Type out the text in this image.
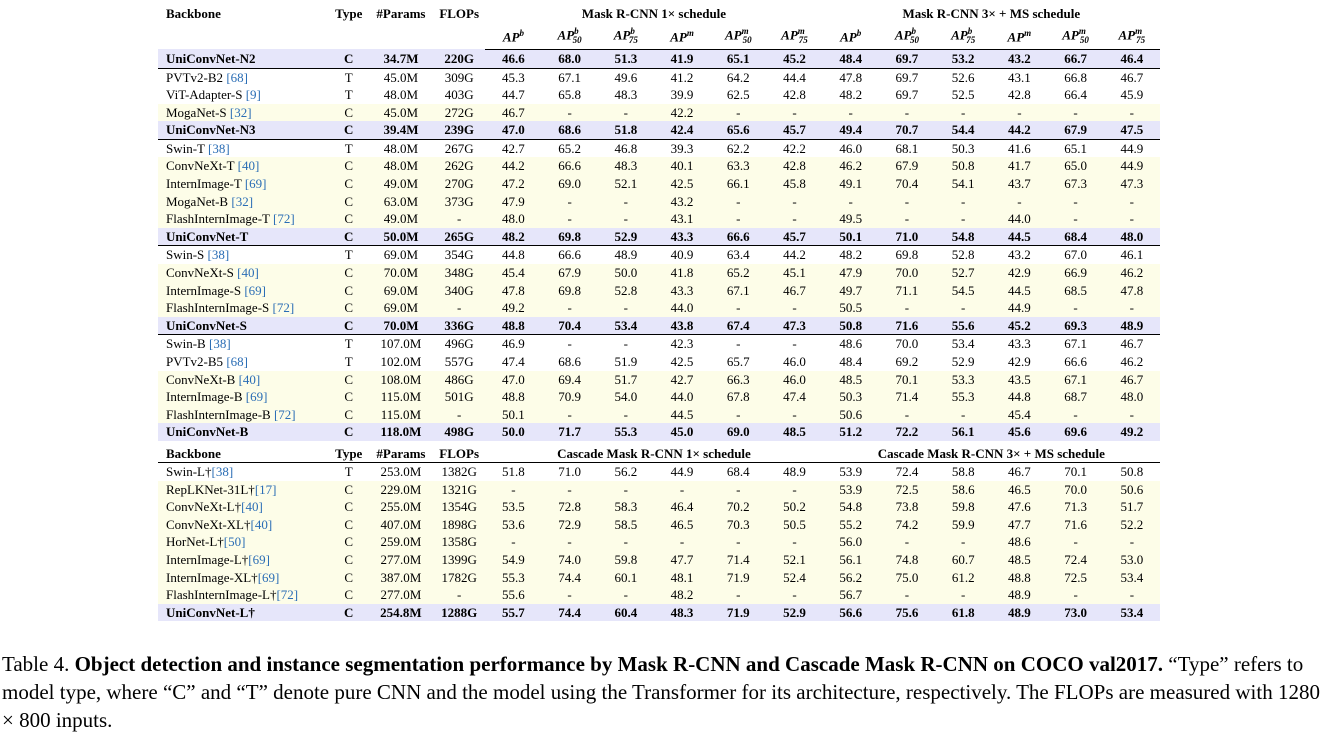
Backbone	Type	#Params	FLOPs	Mask R-CNN 1× schedule						Mask R-CNN 3× + MS schedule					
				$AP^b$	$AP^b_{50}$	$AP^b_{75}$	$AP^m$	$AP^m_{50}$	$AP^m_{75}$	$AP^b$	$AP^b_{50}$	$AP^b_{75}$	$AP^m$	$AP^m_{50}$	$AP^m_{75}$
UniConvNet-N2	C	34.7M	220G	46.6	68.0	51.3	41.9	65.1	45.2	48.4	69.7	53.2	43.2	66.7	46.4
PVTv2-B2 [68]	T	45.0M	309G	45.3	67.1	49.6	41.2	64.2	44.4	47.8	69.7	52.6	43.1	66.8	46.7
ViT-Adapter-S [9]	T	48.0M	403G	44.7	65.8	48.3	39.9	62.5	42.8	48.2	69.7	52.5	42.8	66.4	45.9
MogaNet-S [32]	C	45.0M	272G	46.7	-	-	42.2	-	-	-	-	-	-	-	-
UniConvNet-N3	C	39.4M	239G	47.0	68.6	51.8	42.4	65.6	45.7	49.4	70.7	54.4	44.2	67.9	47.5
Swin-T [38]	T	48.0M	267G	42.7	65.2	46.8	39.3	62.2	42.2	46.0	68.1	50.3	41.6	65.1	44.9
ConvNeXt-T [40]	C	48.0M	262G	44.2	66.6	48.3	40.1	63.3	42.8	46.2	67.9	50.8	41.7	65.0	44.9
InternImage-T [69]	C	49.0M	270G	47.2	69.0	52.1	42.5	66.1	45.8	49.1	70.4	54.1	43.7	67.3	47.3
MogaNet-B [32]	C	63.0M	373G	47.9	-	-	43.2	-	-	-	-	-	-	-	-
FlashInternImage-T [72]	C	49.0M	-	48.0	-	-	43.1	-	-	49.5	-	-	44.0	-	-
UniConvNet-T	C	50.0M	265G	48.2	69.8	52.9	43.3	66.6	45.7	50.1	71.0	54.8	44.5	68.4	48.0
Swin-S [38]	T	69.0M	354G	44.8	66.6	48.9	40.9	63.4	44.2	48.2	69.8	52.8	43.2	67.0	46.1
ConvNeXt-S [40]	C	70.0M	348G	45.4	67.9	50.0	41.8	65.2	45.1	47.9	70.0	52.7	42.9	66.9	46.2
InternImage-S [69]	C	69.0M	340G	47.8	69.8	52.8	43.3	67.1	46.7	49.7	71.1	54.5	44.5	68.5	47.8
FlashInternImage-S [72]	C	69.0M	-	49.2	-	-	44.0	-	-	50.5	-	-	44.9	-	-
UniConvNet-S	C	70.0M	336G	48.8	70.4	53.4	43.8	67.4	47.3	50.8	71.6	55.6	45.2	69.3	48.9
Swin-B [38]	T	107.0M	496G	46.9	-	-	42.3	-	-	48.6	70.0	53.4	43.3	67.1	46.7
PVTv2-B5 [68]	T	102.0M	557G	47.4	68.6	51.9	42.5	65.7	46.0	48.4	69.2	52.9	42.9	66.6	46.2
ConvNeXt-B [40]	C	108.0M	486G	47.0	69.4	51.7	42.7	66.3	46.0	48.5	70.1	53.3	43.5	67.1	46.7
InternImage-B [69]	C	115.0M	501G	48.8	70.9	54.0	44.0	67.8	47.4	50.3	71.4	55.3	44.8	68.7	48.0
FlashInternImage-B [72]	C	115.0M	-	50.1	-	-	44.5	-	-	50.6	-	-	45.4	-	-
UniConvNet-B	C	118.0M	498G	50.0	71.7	55.3	45.0	69.0	48.5	51.2	72.2	56.1	45.6	69.6	49.2
Backbone	Type	#Params	FLOPs	Cascade Mask R-CNN 1× schedule						Cascade Mask R-CNN 3× + MS schedule					
Swin-L†[38]	T	253.0M	1382G	51.8	71.0	56.2	44.9	68.4	48.9	53.9	72.4	58.8	46.7	70.1	50.8
RepLKNet-31L†[17]	C	229.0M	1321G	-	-	-	-	-	-	53.9	72.5	58.6	46.5	70.0	50.6
ConvNeXt-L†[40]	C	255.0M	1354G	53.5	72.8	58.3	46.4	70.2	50.2	54.8	73.8	59.8	47.6	71.3	51.7
ConvNeXt-XL†[40]	C	407.0M	1898G	53.6	72.9	58.5	46.5	70.3	50.5	55.2	74.2	59.9	47.7	71.6	52.2
HorNet-L†[50]	C	259.0M	1358G	-	-	-	-	-	-	56.0	-	-	48.6	-	-
InternImage-L†[69]	C	277.0M	1399G	54.9	74.0	59.8	47.7	71.4	52.1	56.1	74.8	60.7	48.5	72.4	53.0
InternImage-XL†[69]	C	387.0M	1782G	55.3	74.4	60.1	48.1	71.9	52.4	56.2	75.0	61.2	48.8	72.5	53.4
FlashInternImage-L†[72]	C	277.0M	-	55.6	-	-	48.2	-	-	56.7	-	-	48.9	-	-
UniConvNet-L†	C	254.8M	1288G	55.7	74.4	60.4	48.3	71.9	52.9	56.6	75.6	61.8	48.9	73.0	53.4
Table 4. Object detection and instance segmentation performance by Mask R-CNN and Cascade Mask R-CNN on COCO val2017. “Type” refers to model type, where “C” and “T” denote pure CNN and the model using the Transformer for its architecture, respectively. The FLOPs are measured with 1280 × 800 inputs.
